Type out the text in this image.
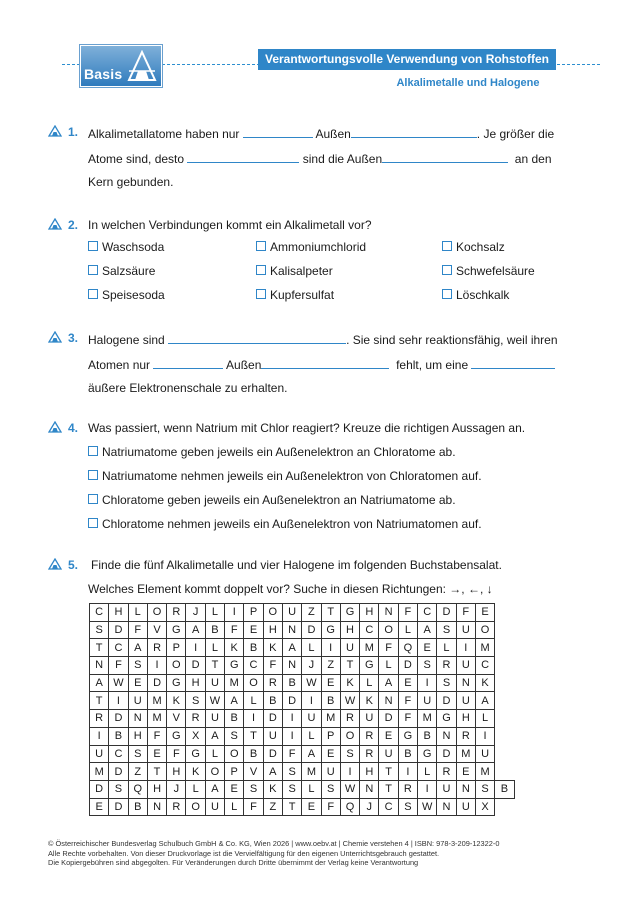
Basis
Verantwortungsvolle Verwendung von Rohstoffen
Alkalimetalle und Halogene
1. Alkalimetallatome haben nur	Außen	. Je größer die
Atome sind, desto	sind die Außen	an den
Kern gebunden.
2. In welchen Verbindungen kommt ein Alkalimetall vor?
Waschsoda	Ammoniumchlorid	Kochsalz
Salzsäure	Kalisalpeter	Schwefelsäure
Speisesoda	Kupfersulfat	Löschkalk
3. Halogene sind	. Sie sind sehr reaktionsfähig, weil ihren
Atomen nur	Außen	fehlt, um eine
äußere Elektronenschale zu erhalten.
4. Was passiert, wenn Natrium mit Chlor reagiert? Kreuze die richtigen Aussagen an.
Natriumatome geben jeweils ein Außenelektron an Chloratome ab.
Natriumatome nehmen jeweils ein Außenelektron von Chloratomen auf.
Chloratome geben jeweils ein Außenelektron an Natriumatome ab.
Chloratome nehmen jeweils ein Außenelektron von Natriumatomen auf.
5. Finde die fünf Alkalimetalle und vier Halogene im folgenden Buchstabensalat.
Welches Element kommt doppelt vor? Suche in diesen Richtungen: →, ←, ↓
C	H	L	O	R	J	L	I	P	O	U	Z	T	G	H	N	F	C	D	F	E	
S	D	F	V	G	A	B	F	E	H	N	D	G	H	C	O	L	A	S	U	O	
T	C	A	R	P	I	L	K	B	K	A	L	I	U	M	F	Q	E	L	I	M	
N	F	S	I	O	D	T	G	C	F	N	J	Z	T	G	L	D	S	R	U	C	
A	W	E	D	G	H	U	M	O	R	B	W	E	K	L	A	E	I	S	N	K	
T	I	U	M	K	S	W	A	L	B	D	I	B	W	K	N	F	U	D	U	A	
R	D	N	M	V	R	U	B	I	D	I	U	M	R	U	D	F	M	G	H	L	
I	B	H	F	G	X	A	S	T	U	I	L	P	O	R	E	G	B	N	R	I	
U	C	S	E	F	G	L	O	B	D	F	A	E	S	R	U	B	G	D	M	U	
M	D	Z	T	H	K	O	P	V	A	S	M	U	I	H	T	I	L	R	E	M	
D	S	Q	H	J	L	A	E	S	K	S	L	S	W	N	T	R	I	U	N	S	B
E	D	B	N	R	O	U	L	F	Z	T	E	F	Q	J	C	S	W	N	U	X	
© Österreichischer Bundesverlag Schulbuch GmbH & Co. KG, Wien 2026 | www.oebv.at | Chemie verstehen 4 | ISBN: 978-3-209-12322-0
Alle Rechte vorbehalten. Von dieser Druckvorlage ist die Vervielfältigung für den eigenen Unterrichtsgebrauch gestattet.
Die Kopiergebühren sind abgegolten. Für Veränderungen durch Dritte übernimmt der Verlag keine Verantwortung
